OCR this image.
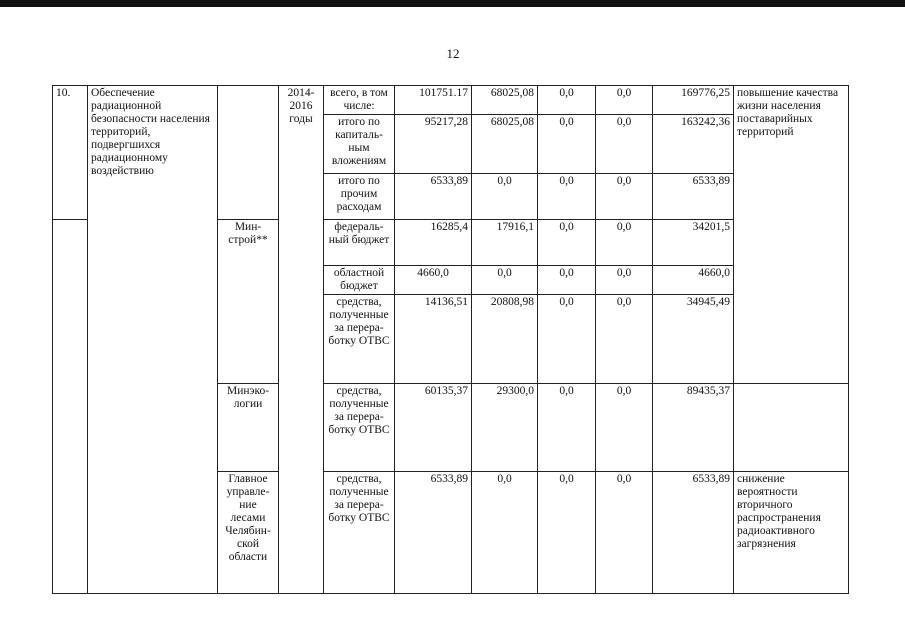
12
10.	Обеспечение радиационной безопасности населения территорий, подвергшихся радиационному воздействию		2014-2016 годы	всего, в том числе:	101751.17	68025,08	0,0	0,0	169776,25	повышение качества жизни населения поставарийных территорий
				итого по капиталь-ным вложениям	95217,28	68025,08	0,0	0,0	163242,36	
				итого по прочим расходам	6533,89	0,0	0,0	0,0	6533,89	
		Мин-строй**		федераль-ный бюджет	16285,4	17916,1	0,0	0,0	34201,5	
				областной бюджет	4660,0	0,0	0,0	0,0	4660,0	
				средства, полученные за перера-ботку ОТВС	14136,51	20808,98	0,0	0,0	34945,49	
		Минэко-логии		средства, полученные за перера-ботку ОТВС	60135,37	29300,0	0,0	0,0	89435,37	
		Главное управле-ние лесами Челябин-ской области		средства, полученные за перера-ботку ОТВС	6533,89	0,0	0,0	0,0	6533,89	снижение вероятности вторичного распространения радиоактивного загрязнения
